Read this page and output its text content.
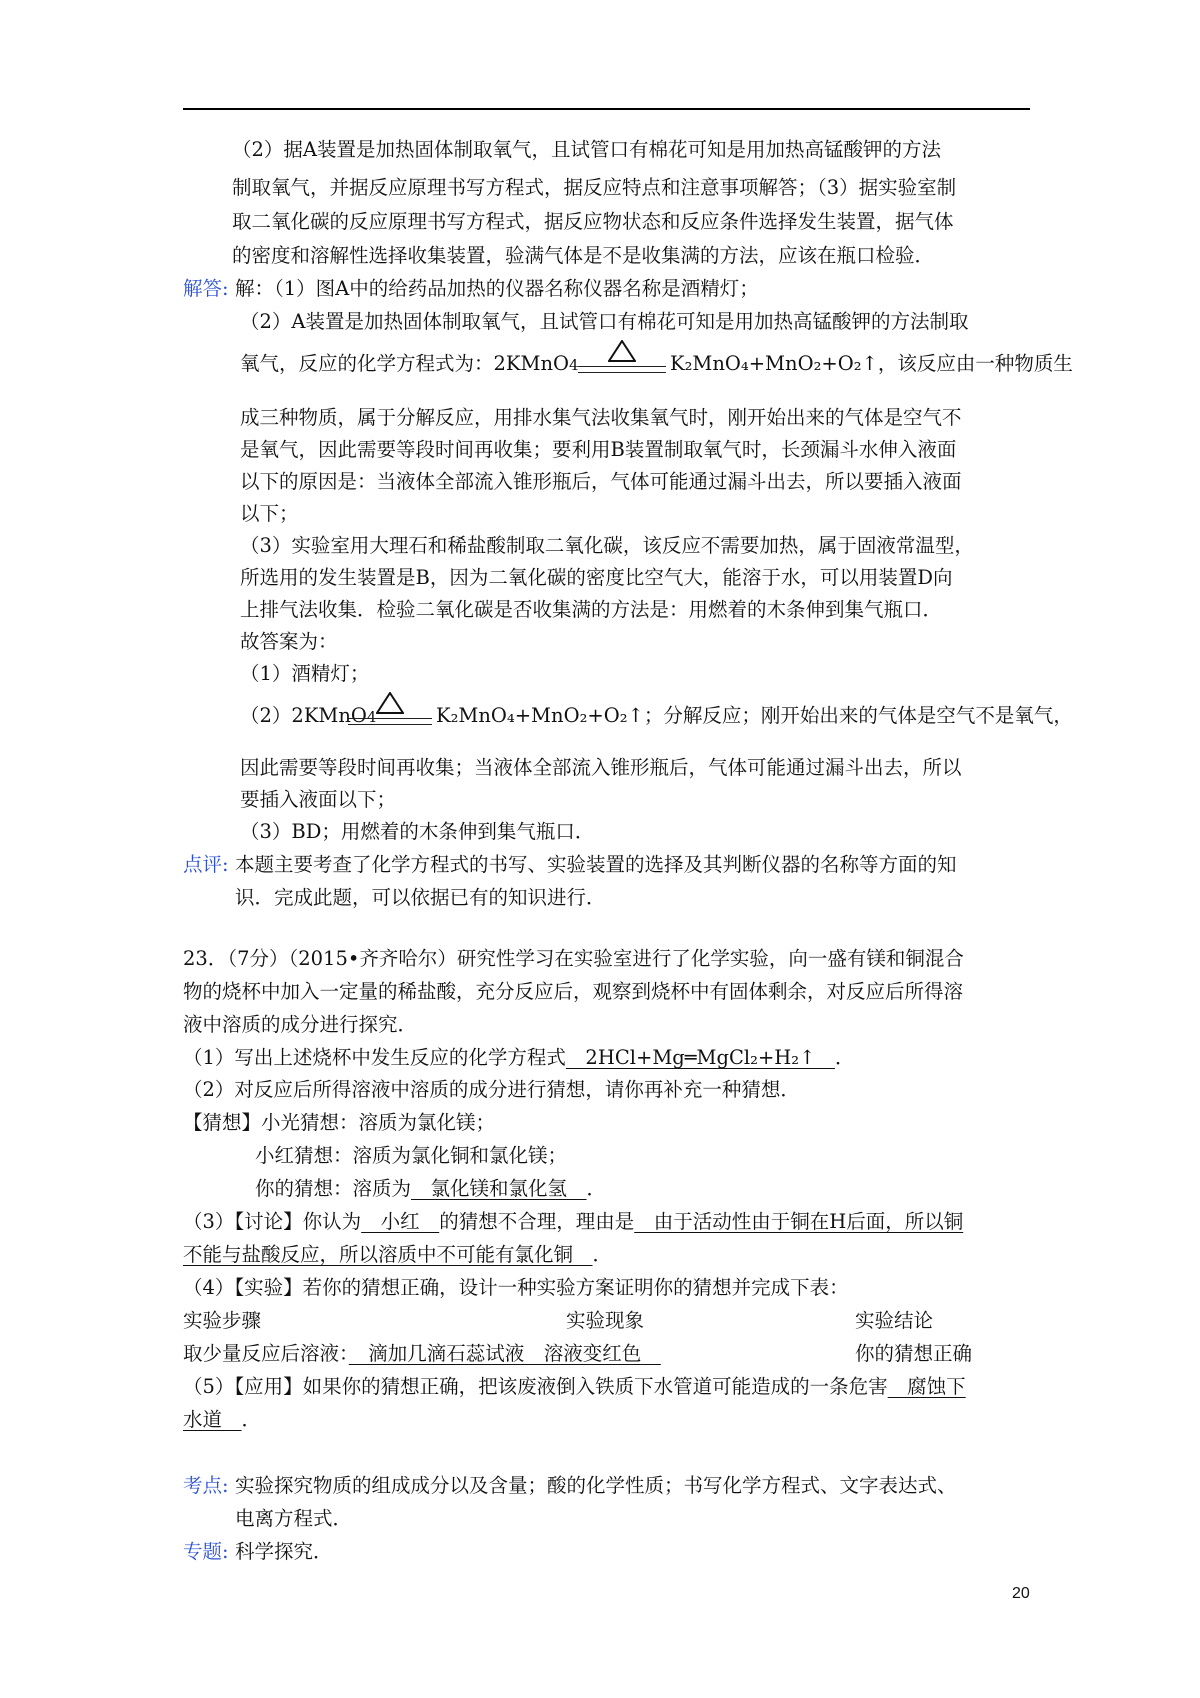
（2）据A装置是加热固体制取氧气，且试管口有棉花可知是用加热高锰酸钾的方法
制取氧气，并据反应原理书写方程式，据反应特点和注意事项解答；（3）据实验室制
取二氧化碳的反应原理书写方程式，据反应物状态和反应条件选择发生装置，据气体
的密度和溶解性选择收集装置，验满气体是不是收集满的方法，应该在瓶口检验．
解答: 解：（1）图A中的给药品加热的仪器名称仪器名称是酒精灯；
（2）A装置是加热固体制取氧气，且试管口有棉花可知是用加热高锰酸钾的方法制取
氧气，反应的化学方程式为：2KMnO4	K₂MnO₄+MnO₂+O₂↑，该反应由一种物质生
成三种物质，属于分解反应，用排水集气法收集氧气时，刚开始出来的气体是空气不
是氧气，因此需要等段时间再收集；要利用B装置制取氧气时，长颈漏斗水伸入液面
以下的原因是：当液体全部流入锥形瓶后，气体可能通过漏斗出去，所以要插入液面
以下；
（3）实验室用大理石和稀盐酸制取二氧化碳，该反应不需要加热，属于固液常温型，
所选用的发生装置是B，因为二氧化碳的密度比空气大，能溶于水，可以用装置D向
上排气法收集．检验二氧化碳是否收集满的方法是：用燃着的木条伸到集气瓶口．
故答案为：
（1）酒精灯；
（2）2KMnO4	K₂MnO₄+MnO₂+O₂↑；分解反应；刚开始出来的气体是空气不是氧气，
因此需要等段时间再收集；当液体全部流入锥形瓶后，气体可能通过漏斗出去，所以
要插入液面以下；
（3）BD；用燃着的木条伸到集气瓶口．
点评: 本题主要考查了化学方程式的书写、实验装置的选择及其判断仪器的名称等方面的知
识．完成此题，可以依据已有的知识进行．
23．（7分）（2015•齐齐哈尔）研究性学习在实验室进行了化学实验，向一盛有镁和铜混合
物的烧杯中加入一定量的稀盐酸，充分反应后，观察到烧杯中有固体剩余，对反应后所得溶
液中溶质的成分进行探究．
（1）写出上述烧杯中发生反应的化学方程式　2HCl+Mg═MgCl₂+H₂↑　．
（2）对反应后所得溶液中溶质的成分进行猜想，请你再补充一种猜想．
【猜想】小光猜想：溶质为氯化镁；
小红猜想：溶质为氯化铜和氯化镁；
你的猜想：溶质为　氯化镁和氯化氢　．
（3）【讨论】你认为　小红　的猜想不合理，理由是　由于活动性由于铜在H后面，所以铜
不能与盐酸反应，所以溶质中不可能有氯化铜　．
（4）【实验】若你的猜想正确，设计一种实验方案证明你的猜想并完成下表：
实验步骤	实验现象	实验结论
取少量反应后溶液：　滴加几滴石蕊试液　溶液变红色　	你的猜想正确
（5）【应用】如果你的猜想正确，把该废液倒入铁质下水管道可能造成的一条危害　腐蚀下
水道　．
考点: 实验探究物质的组成成分以及含量；酸的化学性质；书写化学方程式、文字表达式、
电离方程式．
专题: 科学探究．
20
